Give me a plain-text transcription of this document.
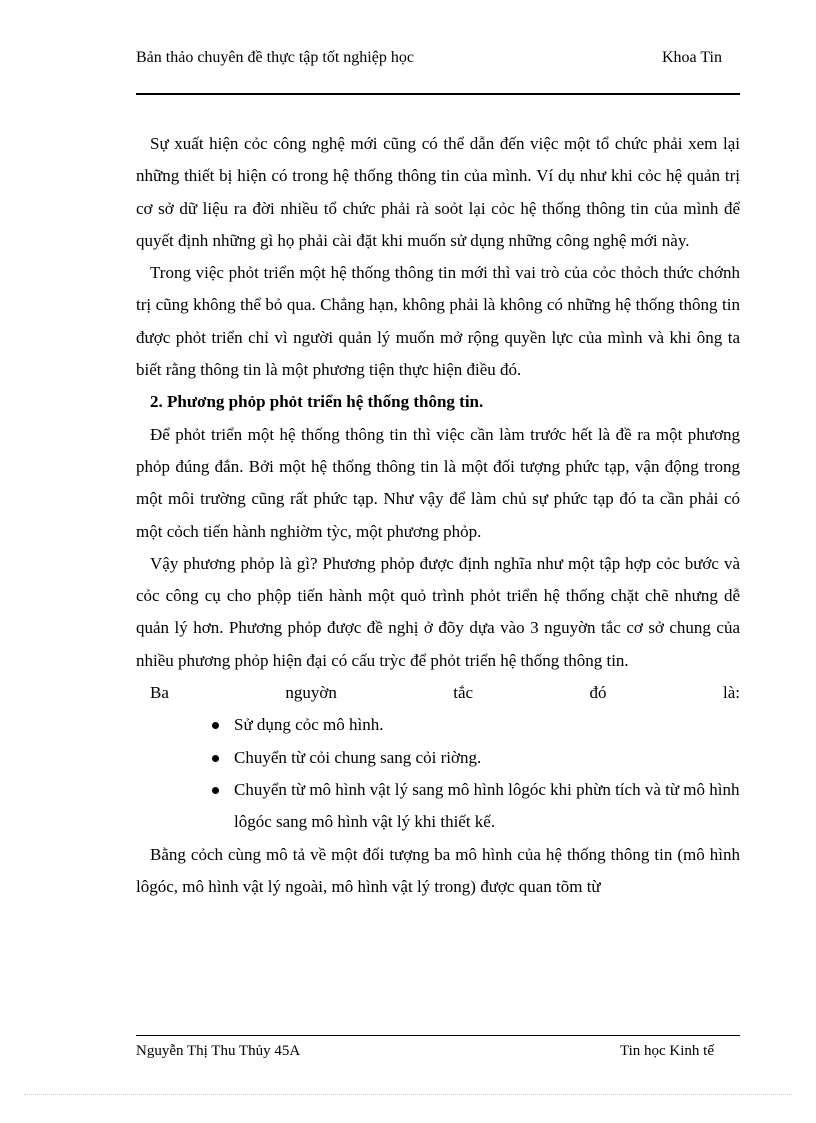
Bản thảo chuyên đề thực tập tốt nghiệp học	Khoa Tin

Sự xuất hiện cỏc công nghệ mới cũng có thể dẫn đến việc một tổ chức phải xem lại những thiết bị hiện có trong hệ thống thông tin của mình. Ví dụ như khi cỏc hệ quản trị cơ sở dữ liệu ra đời nhiều tổ chức phải rà soỏt lại cỏc hệ thống thông tin của mình để quyết định những gì họ phải cài đặt khi muốn sử dụng những công nghệ mới này.

Trong việc phỏt triển một hệ thống thông tin mới thì vai trò của cỏc thỏch thức chớnh trị cũng không thể bỏ qua. Chẳng hạn, không phải là không có những hệ thống thông tin được phỏt triển chỉ vì người quản lý muốn mở rộng quyền lực của mình và khi ông ta biết rằng thông tin là một phương tiện thực hiện điều đó.

2. Phương phỏp phỏt triển hệ thống thông tin.

Để phỏt triển một hệ thống thông tin thì việc cần làm trước hết là đề ra một phương phỏp đúng đắn. Bởi một hệ thống thông tin là một đối tượng phức tạp, vận động trong một môi trường cũng rất phức tạp. Như vậy để làm chủ sự phức tạp đó ta cần phải có một cỏch tiến hành nghiờm tỳc, một phương phỏp.

Vậy phương phỏp là gì? Phương phỏp được định nghĩa như một tập hợp cỏc bước và cỏc công cụ cho phộp tiến hành một quỏ trình phỏt triển hệ thống chặt chẽ nhưng dễ quản lý hơn. Phương phỏp được đề nghị ở đõy dựa vào 3 nguyờn tắc cơ sở chung của nhiều phương phỏp hiện đại có cấu trỳc để phỏt triển hệ thống thông tin.

Ba	nguyờn	tắc	đó	là:
Sử dụng cỏc mô hình.
Chuyển từ cỏi chung sang cỏi riờng.
Chuyển từ mô hình vật lý sang mô hình lôgóc khi phừn tích và từ mô hình lôgóc sang mô hình vật lý khi thiết kế.

Bằng cỏch cùng mô tả về một đối tượng ba mô hình của hệ thống thông tin (mô hình lôgóc, mô hình vật lý ngoài, mô hình vật lý trong) được quan tõm từ

Nguyễn Thị Thu Thủy 45A	Tin học Kinh tế
